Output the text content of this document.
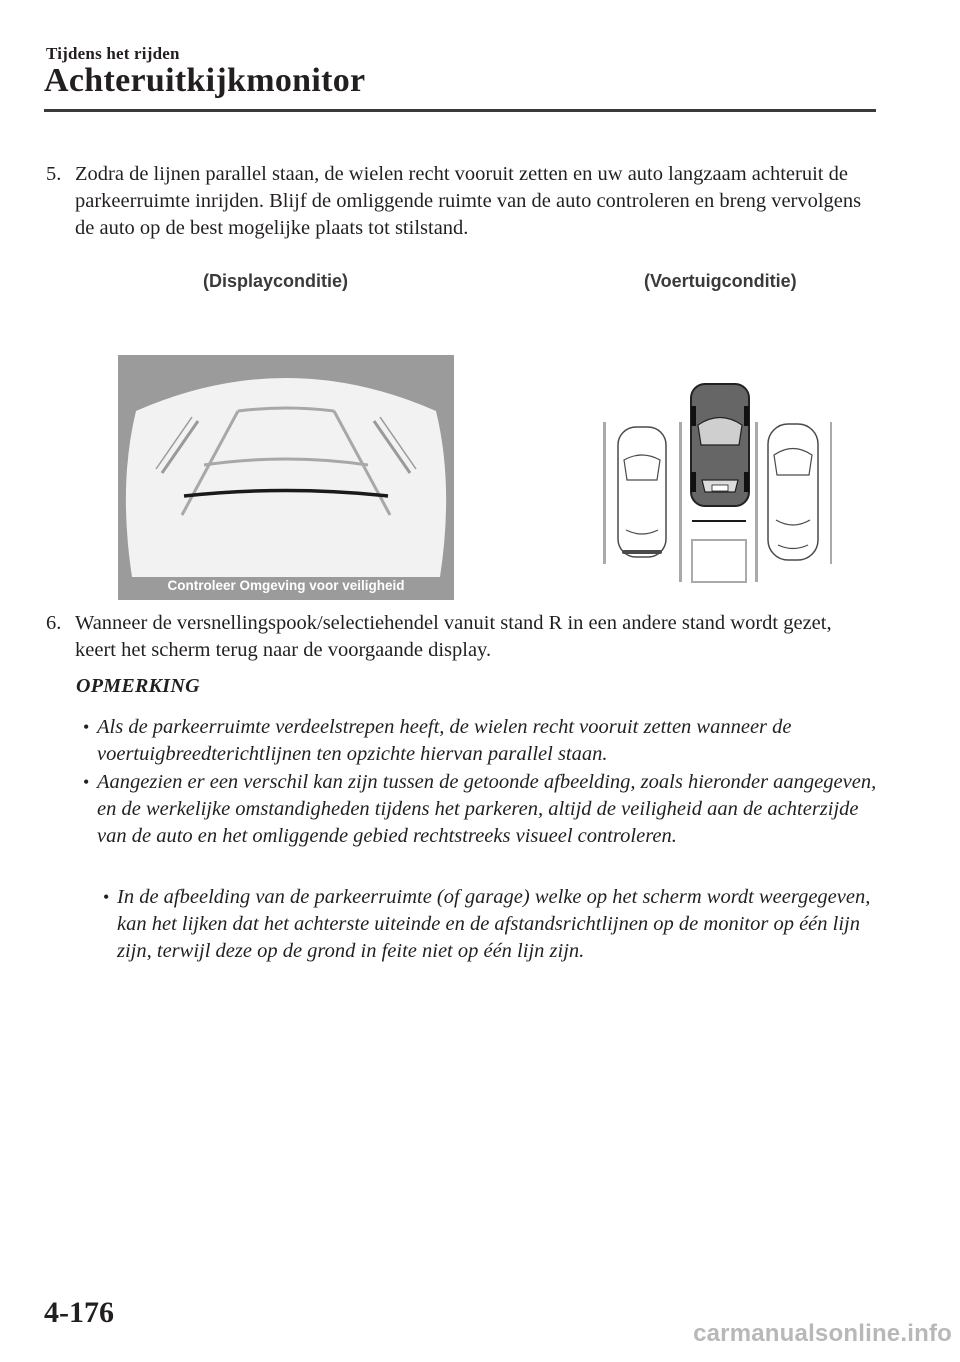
Tijdens het rijden
Achteruitkijkmonitor
5. Zodra de lijnen parallel staan, de wielen recht vooruit zetten en uw auto langzaam achteruit de parkeerruimte inrijden. Blijf de omliggende ruimte van de auto controleren en breng vervolgens de auto op de best mogelijke plaats tot stilstand.
(Displayconditie)	(Voertuigconditie)
Controleer Omgeving voor veiligheid
6. Wanneer de versnellingspook/selectiehendel vanuit stand R in een andere stand wordt gezet, keert het scherm terug naar de voorgaande display.
OPMERKING
• Als de parkeerruimte verdeelstrepen heeft, de wielen recht vooruit zetten wanneer de voertuigbreedterichtlijnen ten opzichte hiervan parallel staan.
• Aangezien er een verschil kan zijn tussen de getoonde afbeelding, zoals hieronder aangegeven, en de werkelijke omstandigheden tijdens het parkeren, altijd de veiligheid aan de achterzijde van de auto en het omliggende gebied rechtstreeks visueel controleren.
• In de afbeelding van de parkeerruimte (of garage) welke op het scherm wordt weergegeven, kan het lijken dat het achterste uiteinde en de afstandsrichtlijnen op de monitor op één lijn zijn, terwijl deze op de grond in feite niet op één lijn zijn.
4-176
carmanualsonline.info
